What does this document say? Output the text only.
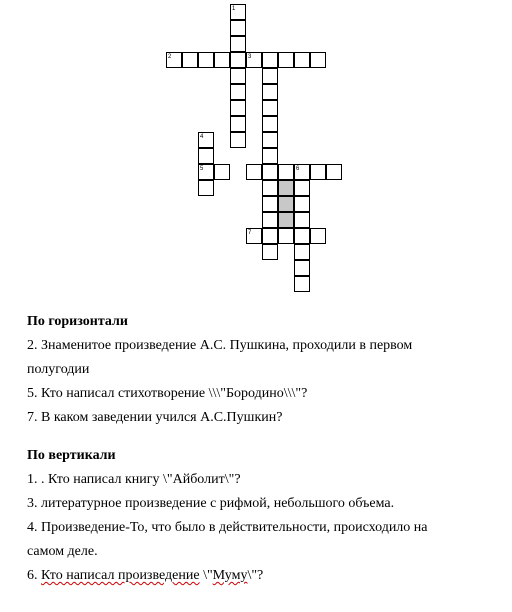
1
2	3
4
5	6
7

По горизонтали

2. Знаменитое произведение А.С. Пушкина, проходили в первом

полугодии

5. Кто написал стихотворение \\\"Бородино\\\"?

7. В каком заведении учился А.С.Пушкин?

По вертикали

1. . Кто написал книгу \"Айболит\"?

3. литературное произведение с рифмой, небольшого объема.

4. Произведение-То, что было в действительности, происходило на

самом деле.

6. Кто написал произведение \"Муму\"?
